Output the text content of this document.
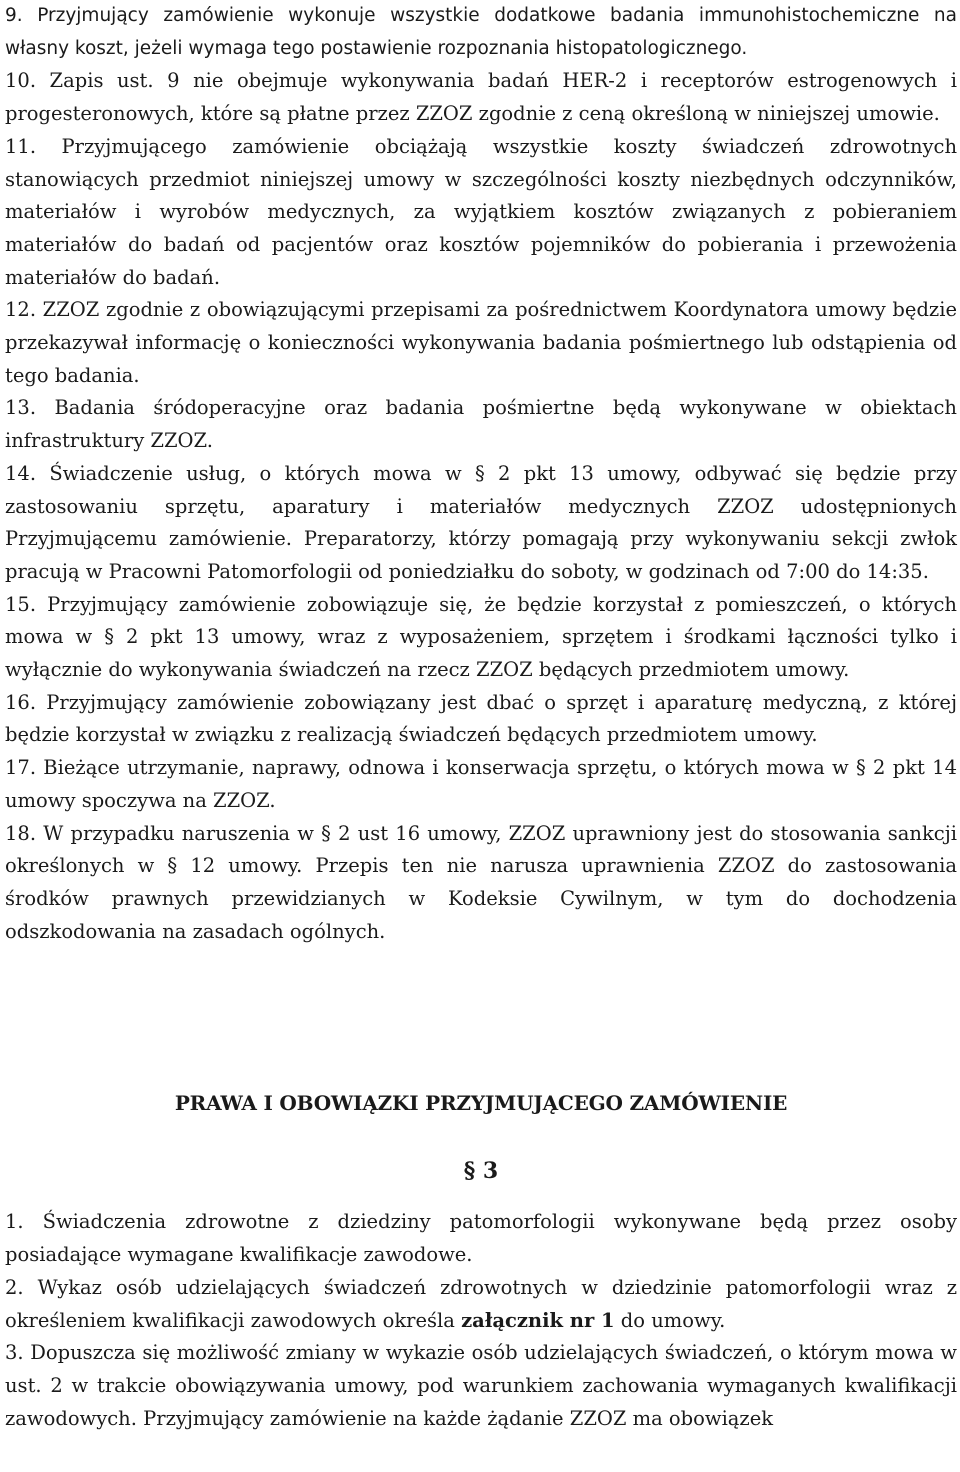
9. Przyjmujący zamówienie wykonuje wszystkie dodatkowe badania immunohistochemiczne na własny koszt, jeżeli wymaga tego postawienie rozpoznania histopatologicznego.

10. Zapis ust. 9 nie obejmuje wykonywania badań HER-2 i receptorów estrogenowych i progesteronowych, które są płatne przez ZZOZ zgodnie z ceną określoną w niniejszej umowie.

11. Przyjmującego zamówienie obciążają wszystkie koszty świadczeń zdrowotnych stanowiących przedmiot niniejszej umowy w szczególności koszty niezbędnych odczynników, materiałów i wyrobów medycznych, za wyjątkiem kosztów związanych z pobieraniem materiałów do badań od pacjentów oraz kosztów pojemników do pobierania i przewożenia materiałów do badań.

12. ZZOZ zgodnie z obowiązującymi przepisami za pośrednictwem Koordynatora umowy będzie przekazywał informację o konieczności wykonywania badania pośmiertnego lub odstąpienia od tego badania.

13. Badania śródoperacyjne oraz badania pośmiertne będą wykonywane w obiektach infrastruktury ZZOZ.

14. Świadczenie usług, o których mowa w § 2 pkt 13 umowy, odbywać się będzie przy zastosowaniu sprzętu, aparatury i materiałów medycznych ZZOZ udostępnionych Przyjmującemu zamówienie. Preparatorzy, którzy pomagają przy wykonywaniu sekcji zwłok pracują w Pracowni Patomorfologii od poniedziałku do soboty, w godzinach od 7:00 do 14:35.

15. Przyjmujący zamówienie zobowiązuje się, że będzie korzystał z pomieszczeń, o których mowa w § 2 pkt 13 umowy, wraz z wyposażeniem, sprzętem i środkami łączności tylko i wyłącznie do wykonywania świadczeń na rzecz ZZOZ będących przedmiotem umowy.

16. Przyjmujący zamówienie zobowiązany jest dbać o sprzęt i aparaturę medyczną, z której będzie korzystał w związku z realizacją świadczeń będących przedmiotem umowy.

17. Bieżące utrzymanie, naprawy, odnowa i konserwacja sprzętu, o których mowa w § 2 pkt 14 umowy spoczywa na ZZOZ.

18. W przypadku naruszenia w § 2 ust 16 umowy, ZZOZ uprawniony jest do stosowania sankcji określonych w § 12 umowy. Przepis ten nie narusza uprawnienia ZZOZ do zastosowania środków prawnych przewidzianych w Kodeksie Cywilnym, w tym do dochodzenia odszkodowania na zasadach ogólnych.

PRAWA I OBOWIĄZKI PRZYJMUJĄCEGO ZAMÓWIENIE

§ 3

1. Świadczenia zdrowotne z dziedziny patomorfologii wykonywane będą przez osoby posiadające wymagane kwalifikacje zawodowe.

2. Wykaz osób udzielających świadczeń zdrowotnych w dziedzinie patomorfologii wraz z określeniem kwalifikacji zawodowych określa załącznik nr 1 do umowy.

3. Dopuszcza się możliwość zmiany w wykazie osób udzielających świadczeń, o którym mowa w ust. 2 w trakcie obowiązywania umowy, pod warunkiem zachowania wymaganych kwalifikacji zawodowych. Przyjmujący zamówienie na każde żądanie ZZOZ ma obowiązek
